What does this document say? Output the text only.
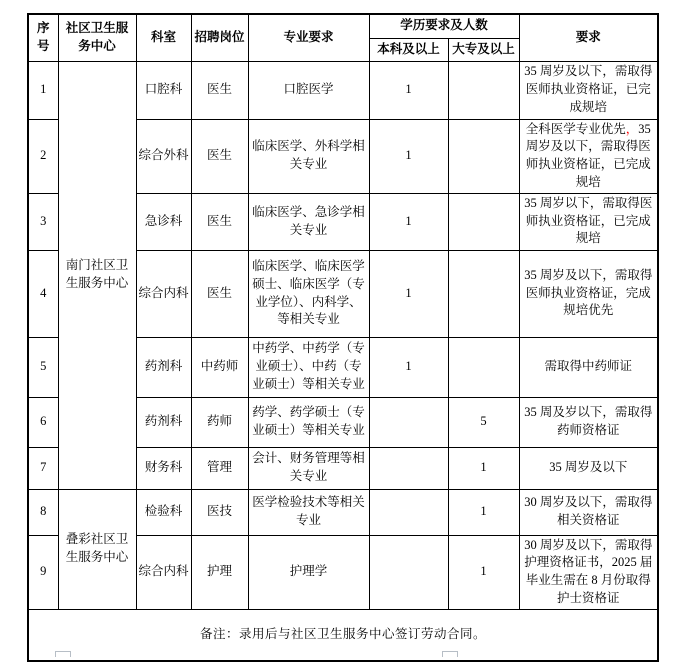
序号	社区卫生服务中心	科室	招聘岗位	专业要求	学历要求及人数		要求
					本科及以上	大专及以上	
1	南门社区卫生服务中心	口腔科	医生	口腔医学	1		35 周岁及以下，需取得医师执业资格证，已完成规培
2		综合外科	医生	临床医学、外科学相关专业	1		全科医学专业优先，35 周岁及以下，需取得医师执业资格证，已完成规培
3		急诊科	医生	临床医学、急诊学相关专业	1		35 周岁以下，需取得医师执业资格证，已完成规培
4		综合内科	医生	临床医学、临床医学硕士、临床医学（专业学位）、内科学、等相关专业	1		35 周岁及以下，需取得医师执业资格证，完成规培优先
5		药剂科	中药师	中药学、中药学（专业硕士）、中药（专业硕士）等相关专业	1		需取得中药师证
6		药剂科	药师	药学、药学硕士（专业硕士）等相关专业		5	35 周及岁以下，需取得药师资格证
7		财务科	管理	会计、财务管理等相关专业		1	35 周岁及以下
8	叠彩社区卫生服务中心	检验科	医技	医学检验技术等相关专业		1	30 周岁及以下，需取得相关资格证
9		综合内科	护理	护理学		1	30 周岁及以下，需取得护理资格证书，2025 届毕业生需在 8 月份取得护士资格证
备注：录用后与社区卫生服务中心签订劳动合同。							
